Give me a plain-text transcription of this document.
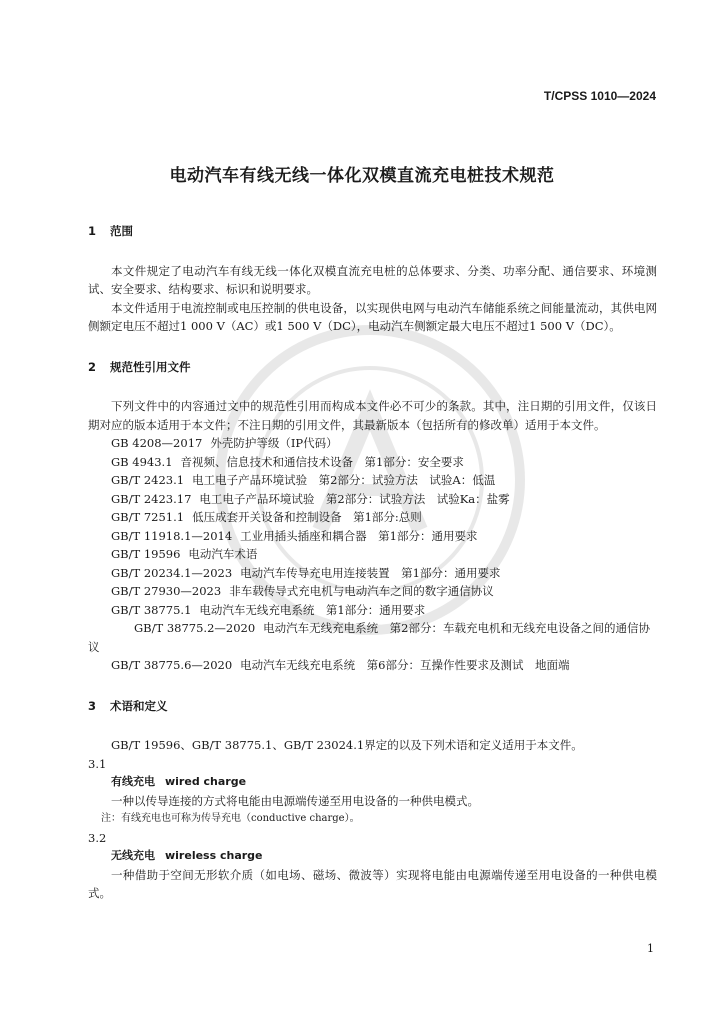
T/CPSS 1010—2024
电动汽车有线无线一体化双模直流充电桩技术规范
1 范围

本文件规定了电动汽车有线无线一体化双模直流充电桩的总体要求、分类、功率分配、通信要求、环境测试、安全要求、结构要求、标识和说明要求。

本文件适用于电流控制或电压控制的供电设备，以实现供电网与电动汽车储能系统之间能量流动，其供电网侧额定电压不超过1 000 V（AC）或1 500 V（DC），电动汽车侧额定最大电压不超过1 500 V（DC）。

2 规范性引用文件

下列文件中的内容通过文中的规范性引用而构成本文件必不可少的条款。其中，注日期的引用文件，仅该日期对应的版本适用于本文件；不注日期的引用文件，其最新版本（包括所有的修改单）适用于本文件。

GB 4208—2017 外壳防护等级（IP代码）
GB 4943.1 音视频、信息技术和通信技术设备　第1部分：安全要求
GB/T 2423.1 电工电子产品环境试验　第2部分：试验方法　试验A：低温
GB/T 2423.17 电工电子产品环境试验　第2部分：试验方法　试验Ka：盐雾
GB/T 7251.1 低压成套开关设备和控制设备　第1部分:总则
GB/T 11918.1—2014 工业用插头插座和耦合器　第1部分：通用要求
GB/T 19596 电动汽车术语
GB/T 20234.1—2023 电动汽车传导充电用连接装置　第1部分：通用要求
GB/T 27930—2023 非车载传导式充电机与电动汽车之间的数字通信协议
GB/T 38775.1 电动汽车无线充电系统　第1部分：通用要求
GB/T 38775.2—2020 电动汽车无线充电系统　第2部分：车载充电机和无线充电设备之间的通信协议
GB/T 38775.6—2020 电动汽车无线充电系统　第6部分：互操作性要求及测试　地面端
3 术语和定义

GB/T 19596、GB/T 38775.1、GB/T 23024.1界定的以及下列术语和定义适用于本文件。

3.1
有线充电 wired charge

一种以传导连接的方式将电能由电源端传递至用电设备的一种供电模式。

注：有线充电也可称为传导充电（conductive charge）。
3.2
无线充电 wireless charge

一种借助于空间无形软介质（如电场、磁场、微波等）实现将电能由电源端传递至用电设备的一种供电模式。

1
